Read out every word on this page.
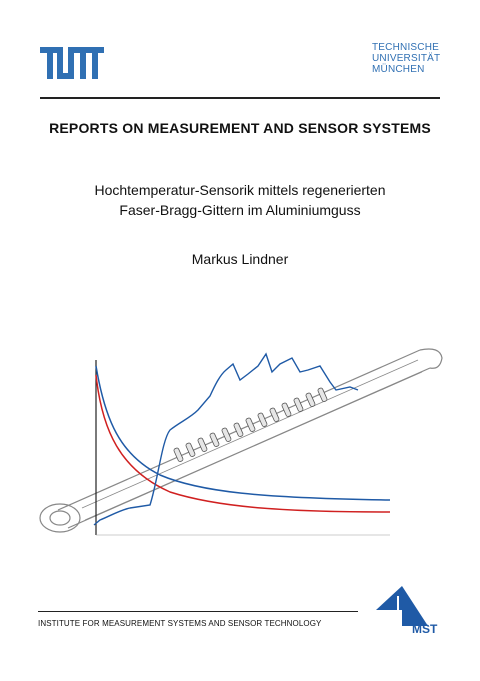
TECHNISCHE
UNIVERSITÄT
MÜNCHEN
REPORTS ON MEASUREMENT AND SENSOR SYSTEMS
Hochtemperatur-Sensorik mittels regenerierten
Faser-Bragg-Gittern im Aluminiumguss
Markus Lindner
INSTITUTE FOR MEASUREMENT SYSTEMS AND SENSOR TECHNOLOGY	MST
